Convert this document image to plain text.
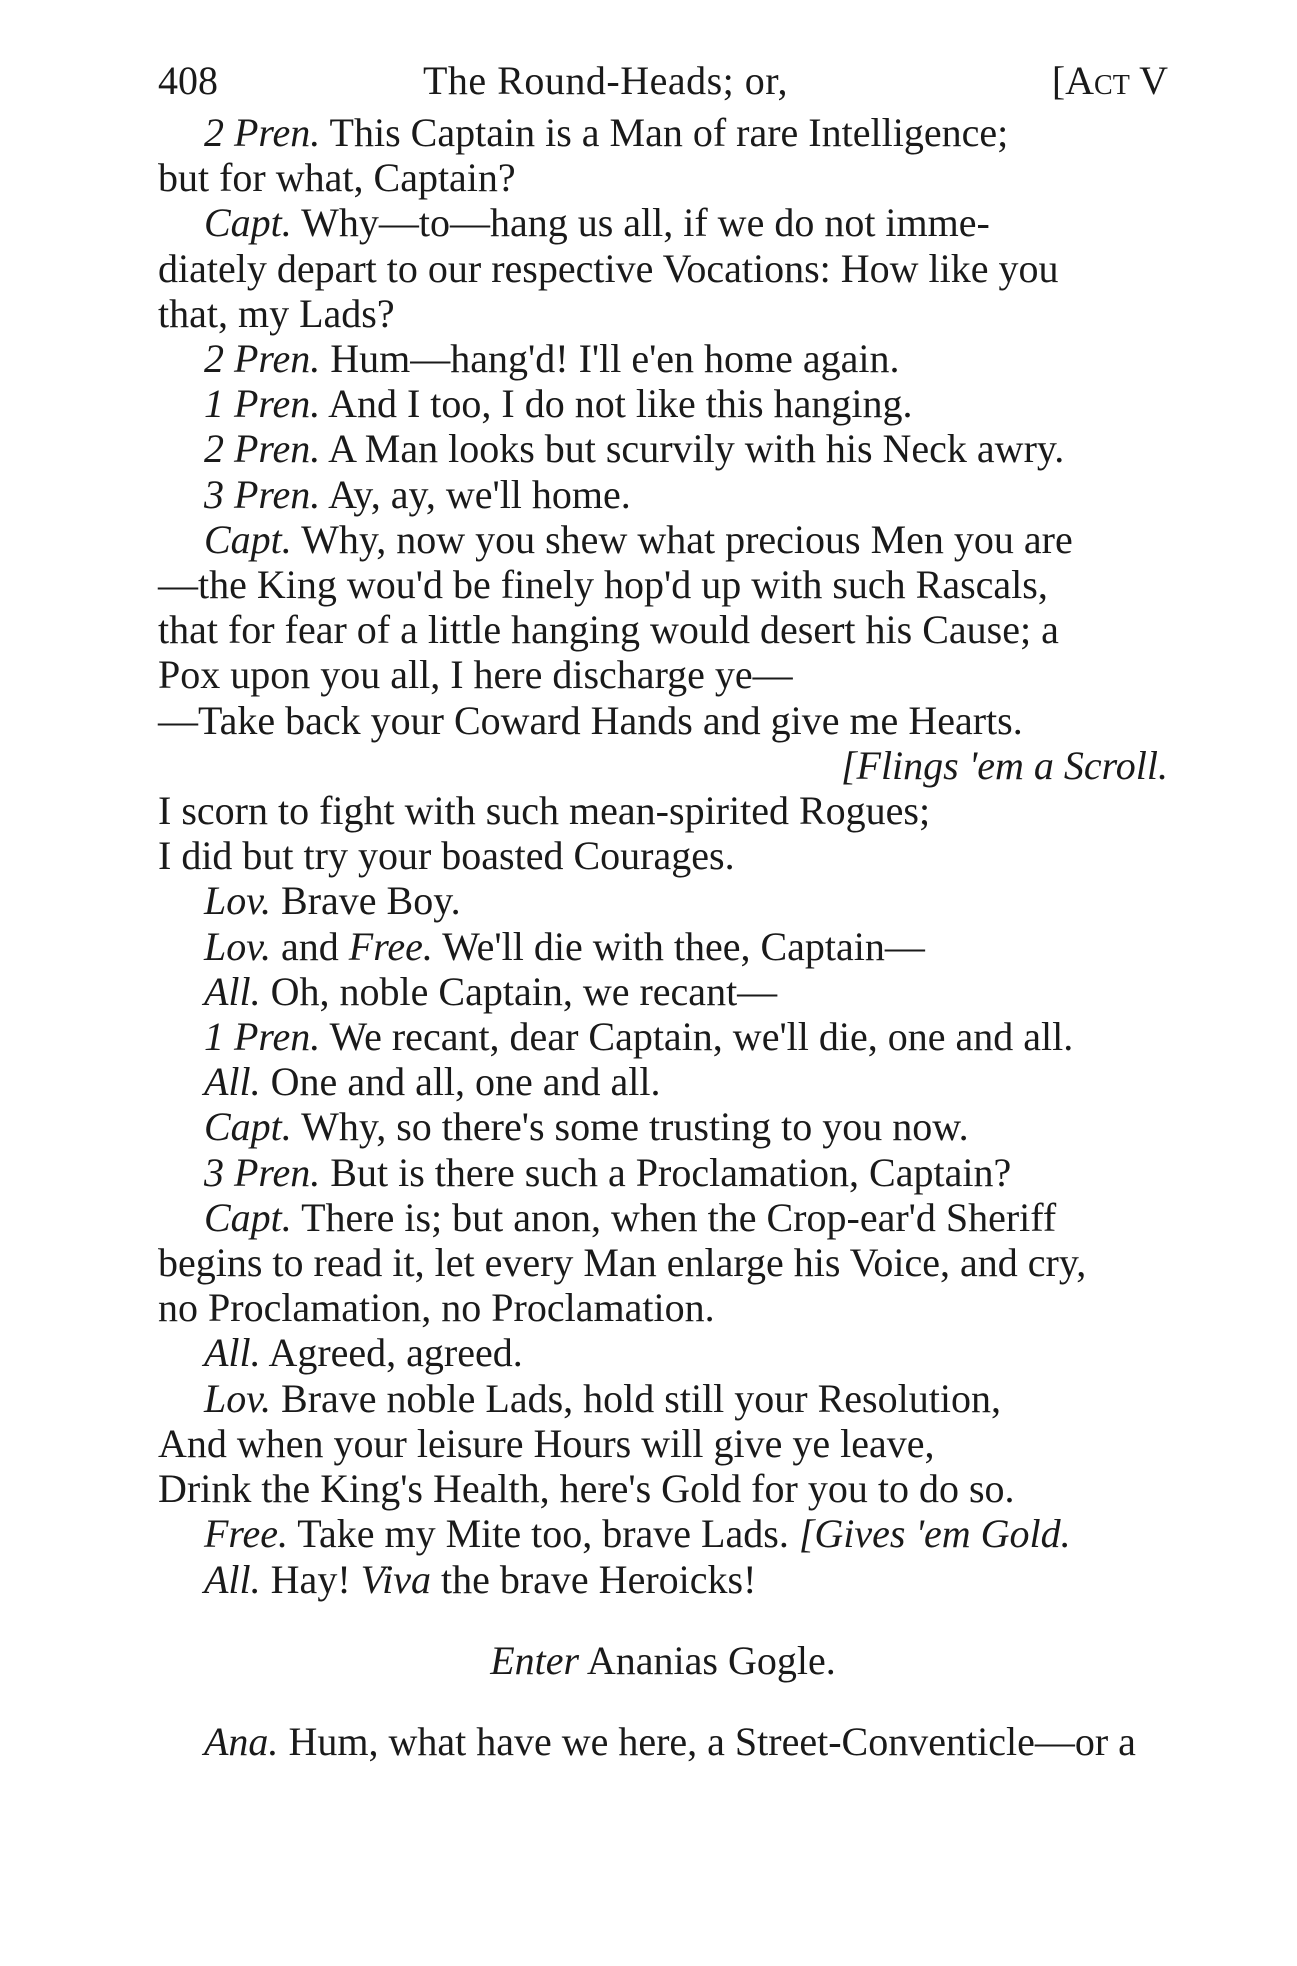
408	The Round-Heads; or,	[Act V
2 Pren. This Captain is a Man of rare Intelligence;
but for what, Captain?
Capt. Why—to—hang us all, if we do not imme-
diately depart to our respective Vocations: How like you
that, my Lads?
2 Pren. Hum—hang'd! I'll e'en home again.
1 Pren. And I too, I do not like this hanging.
2 Pren. A Man looks but scurvily with his Neck awry.
3 Pren. Ay, ay, we'll home.
Capt. Why, now you shew what precious Men you are
—the King wou'd be finely hop'd up with such Rascals,
that for fear of a little hanging would desert his Cause; a
Pox upon you all, I here discharge ye—
—Take back your Coward Hands and give me Hearts.
[Flings 'em a Scroll.
I scorn to fight with such mean-spirited Rogues;
I did but try your boasted Courages.
Lov. Brave Boy.
Lov. and Free. We'll die with thee, Captain—
All. Oh, noble Captain, we recant—
1 Pren. We recant, dear Captain, we'll die, one and all.
All. One and all, one and all.
Capt. Why, so there's some trusting to you now.
3 Pren. But is there such a Proclamation, Captain?
Capt. There is; but anon, when the Crop-ear'd Sheriff
begins to read it, let every Man enlarge his Voice, and cry,
no Proclamation, no Proclamation.
All. Agreed, agreed.
Lov. Brave noble Lads, hold still your Resolution,
And when your leisure Hours will give ye leave,
Drink the King's Health, here's Gold for you to do so.
Free. Take my Mite too, brave Lads. [Gives 'em Gold.
All. Hay! Viva the brave Heroicks!
Enter Ananias Gogle.
Ana. Hum, what have we here, a Street-Conventicle—or a
